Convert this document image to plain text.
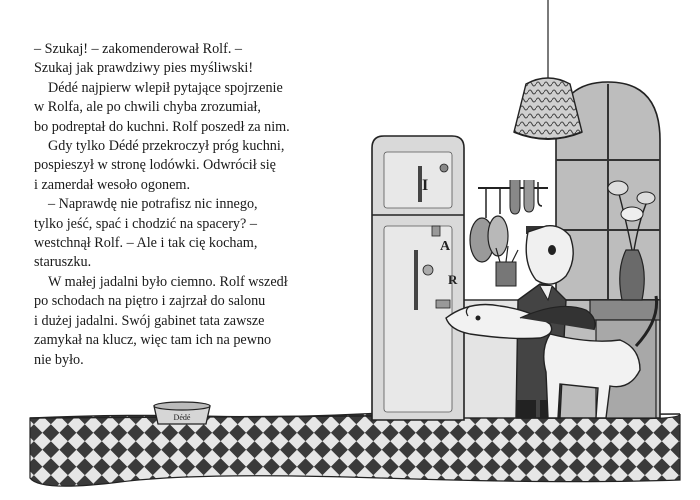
– Szukaj! – zakomenderował Rolf. –
Szukaj jak prawdziwy pies myśliwski!
Dédé najpierw wlepił pytające spojrzenie
w Rolfa, ale po chwili chyba zrozumiał,
bo podreptał do kuchni. Rolf poszedł za nim.
Gdy tylko Dédé przekroczył próg kuchni,
pospieszył w stronę lodówki. Odwrócił się
i zamerdał wesoło ogonem.
– Naprawdę nie potrafisz nic innego,
tylko jeść, spać i chodzić na spacery? –
westchnął Rolf. – Ale i tak cię kocham,
staruszku.
W małej jadalni było ciemno. Rolf wszedł
po schodach na piętro i zajrzał do salonu
i dużej jadalni. Swój gabinet tata zawsze
zamykał na klucz, więc tam ich na pewno
nie było.
I
A
R
Dédé
